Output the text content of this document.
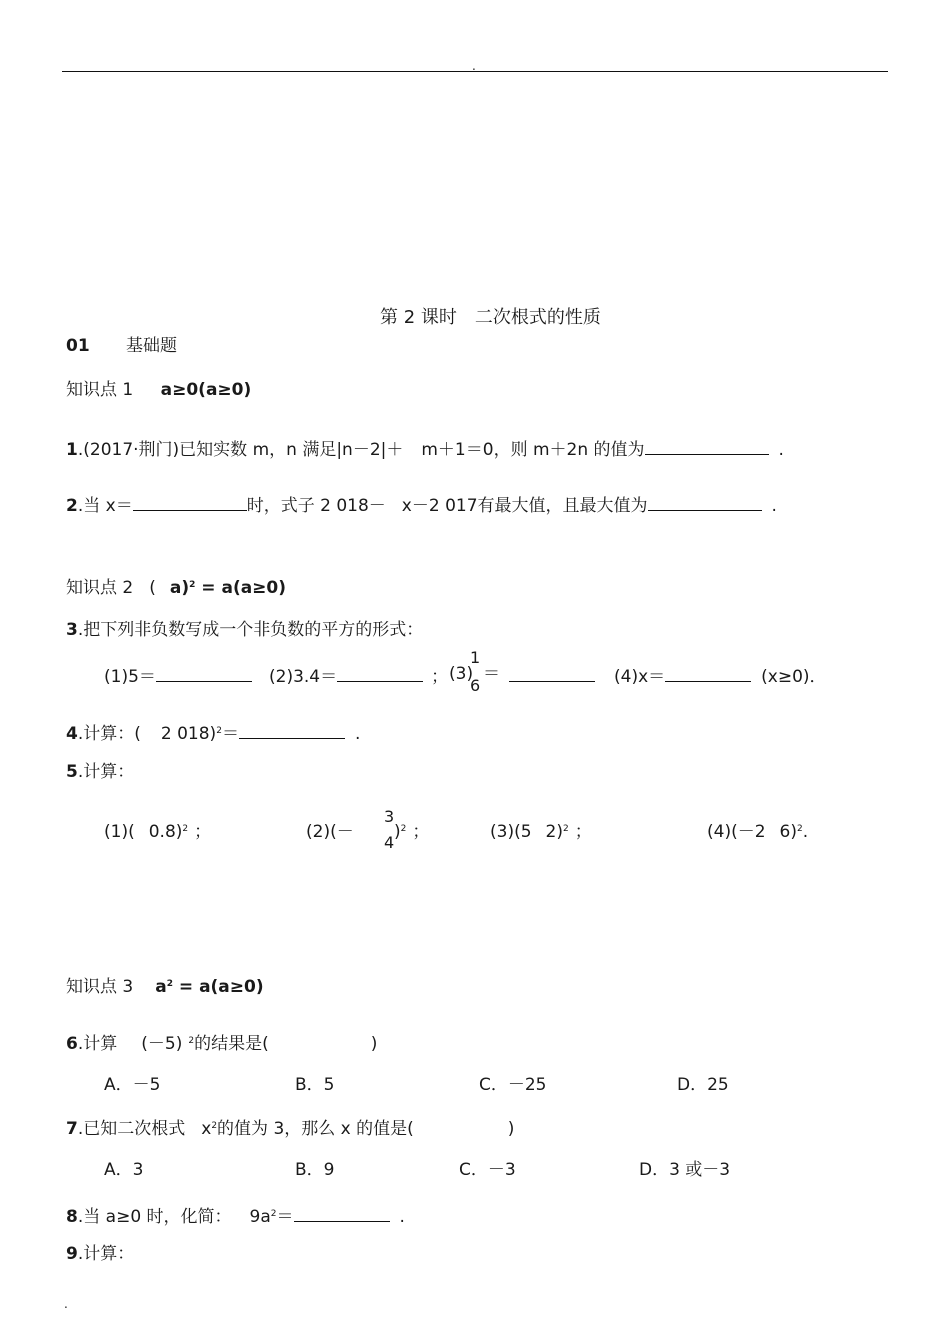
.
第 2 课时　二次根式的性质
01 基础题
知识点 1 a≥0(a≥0)
1.(2017·荆门)已知实数 m，n 满足|n－2|＋ m＋1＝0，则 m＋2n 的值为	.
2.当 x＝	时，式子 2 018－ x－2 017有最大值，且最大值为	.
知识点 2 ( a)$^2$ = a(a≥0)
3.把下列非负数写成一个非负数的平方的形式：
(1)5＝	(2)3.4＝	； (3)
1
6
＝	(4)x＝	(x≥0)．
4.计算：( 2 018)$^2$＝	.
5.计算：
(1)( 0.8)$^2$ ；	(2)(－
3
4
)$^2$ ；	(3)(5 2)$^2$ ；	(4)(－2 6)$^2$.
知识点 3 $a^2 = a(a\ge 0)$
6.计算 (－5) $^2$的结果是(	)
A．－5	B．5	C．－25	D．25
7.已知二次根式 $x^2$的值为 3，那么 x 的值是(	)
A．3	B．9	C．－3	D．3 或－3
8.当 a≥0 时，化简： $9a^2=$	.
9.计算：
.
